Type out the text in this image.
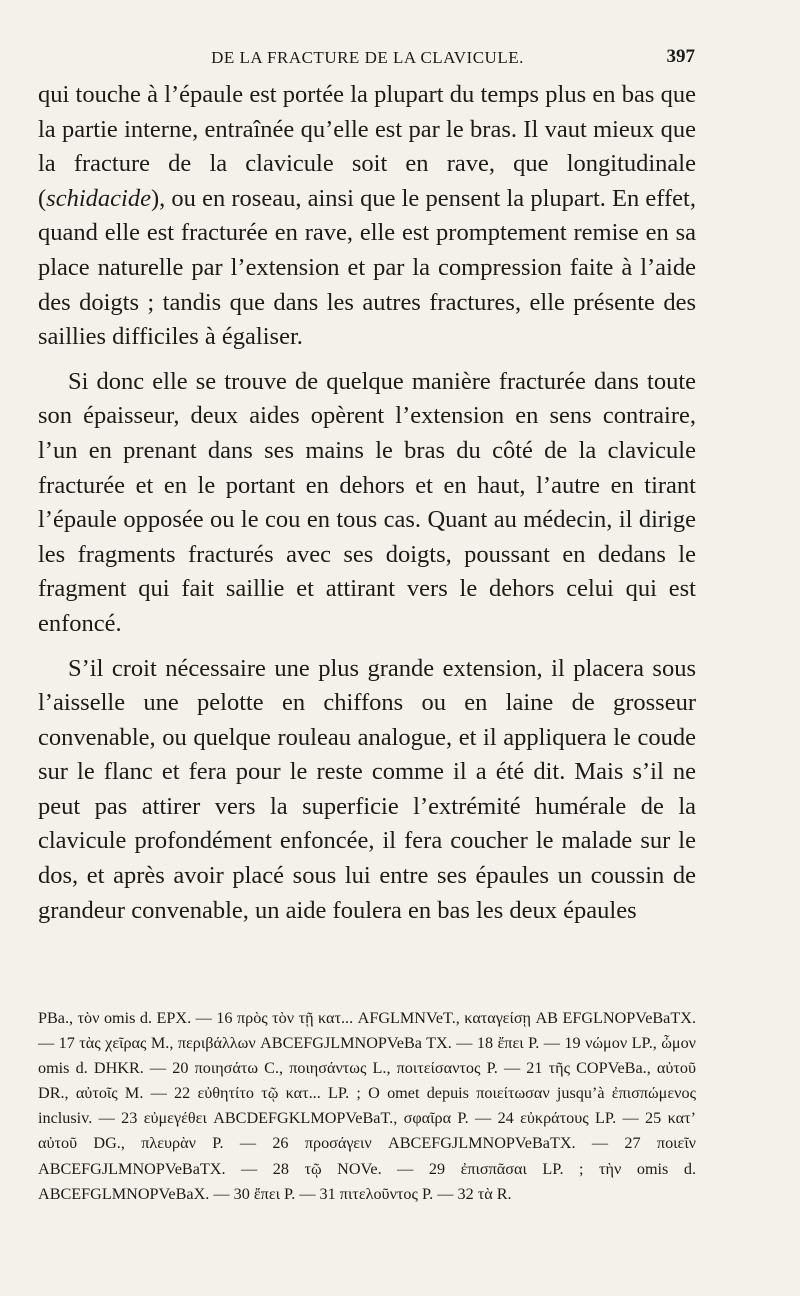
DE LA FRACTURE DE LA CLAVICULE.	397

qui touche à l’épaule est portée la plupart du temps plus en bas que la partie interne, entraînée qu’elle est par le bras. Il vaut mieux que la fracture de la clavicule soit en rave, que longitudinale (schidacide), ou en roseau, ainsi que le pensent la plupart. En effet, quand elle est fracturée en rave, elle est promptement remise en sa place naturelle par l’extension et par la compression faite à l’aide des doigts ; tandis que dans les autres fractures, elle présente des saillies difficiles à égaliser.

Si donc elle se trouve de quelque manière fracturée dans toute son épaisseur, deux aides opèrent l’extension en sens contraire, l’un en prenant dans ses mains le bras du côté de la clavicule fracturée et en le portant en dehors et en haut, l’autre en tirant l’épaule opposée ou le cou en tous cas. Quant au médecin, il dirige les fragments fracturés avec ses doigts, poussant en dedans le fragment qui fait saillie et attirant vers le dehors celui qui est enfoncé.

S’il croit nécessaire une plus grande extension, il placera sous l’aisselle une pelotte en chiffons ou en laine de grosseur convenable, ou quelque rouleau analogue, et il appliquera le coude sur le flanc et fera pour le reste comme il a été dit. Mais s’il ne peut pas attirer vers la superficie l’extrémité humérale de la clavicule profondément enfoncée, il fera coucher le malade sur le dos, et après avoir placé sous lui entre ses épaules un coussin de grandeur convenable, un aide foulera en bas les deux épaules

PBa., τὸν omis d. EPX. — 16 πρὸς τὸν τῇ κατ... AFGLMNVeT., καταγείσῃ AB EFGLNOPVeBaTX. — 17 τὰς χεῖρας M., περιβάλλων ABCEFGJLMNOPVeBa TX. — 18 ἔπει P. — 19 νώμον LP., ὦμον omis d. DHKR. — 20 ποιησάτω C., ποιησάντως L., ποιτείσαντος P. — 21 τῆς COPVeBa., αὐτοῦ DR., αὐτοῖς M. — 22 εὐθητίτο τῷ κατ... LP. ; O omet depuis ποιείτωσαν jusqu’à ἐπισπώμενος inclusiv. — 23 εὐμεγέθει ABCDEFGKLMOPVeBaT., σφαῖρα P. — 24 εὐκράτους LP. — 25 κατ’ αὐτοῦ DG., πλευρὰν P. — 26 προσάγειν ABCEFGJLMNOPVeBaTX. — 27 ποιεῖν ABCEFGJLMNOPVeBaTX. — 28 τῷ NOVe. — 29 ἐπισπᾶσαι LP. ; τὴν omis d. ABCEFGLMNOPVeBaX. — 30 ἔπει P. — 31 πιτελοῦντος P. — 32 τὰ R.
